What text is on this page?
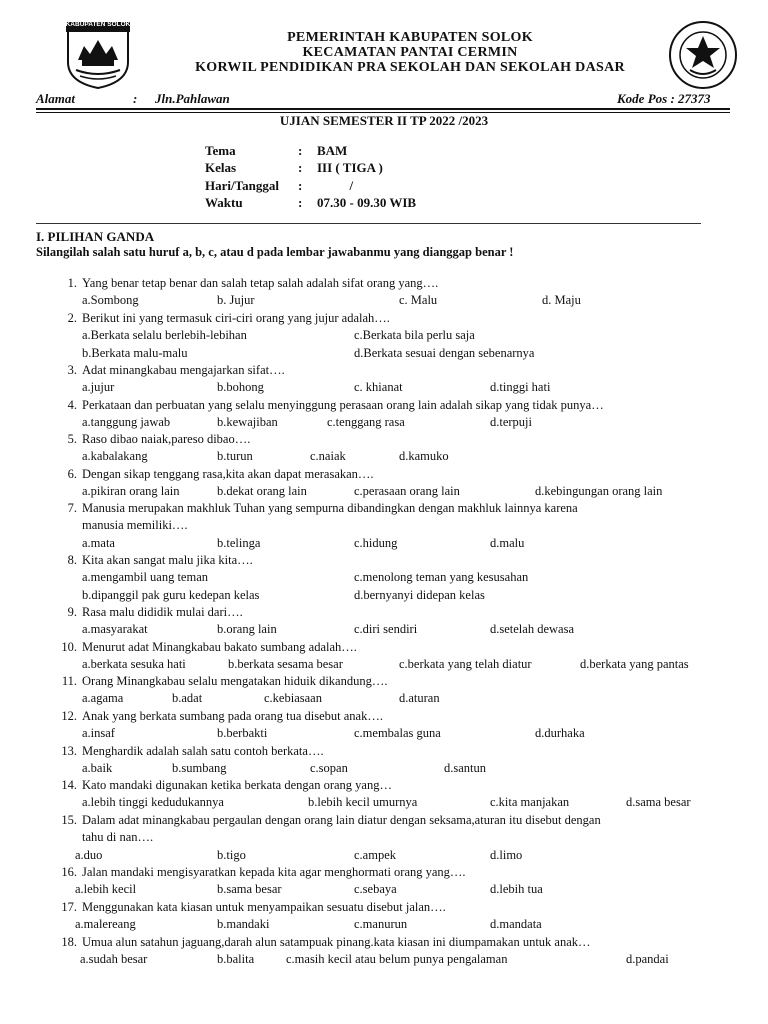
KABUPATEN SOLOK
PEMERINTAH KABUPATEN SOLOK
KECAMATAN PANTAI CERMIN
KORWIL PENDIDIKAN PRA SEKOLAH DAN SEKOLAH DASAR
Alamat	: Jln.Pahlawan	Kode Pos : 27373
UJIAN SEMESTER II TP 2022 /2023
Tema	: BAM
Kelas	: III ( TIGA )
Hari/Tanggal : /
Waktu	: 07.30 - 09.30 WIB
I. PILIHAN GANDA
Silangilah salah satu huruf a, b, c, atau d pada lembar jawabanmu yang dianggap benar !
1. Yang benar tetap benar dan salah tetap salah adalah sifat orang yang….
a.Sombong	b. Jujur	c. Malu	d. Maju
2. Berikut ini yang termasuk ciri-ciri orang yang jujur adalah….
a.Berkata selalu berlebih-lebihan	c.Berkata bila perlu saja
b.Berkata malu-malu	d.Berkata sesuai dengan sebenarnya
3. Adat minangkabau mengajarkan sifat….
a.jujur	b.bohong	c. khianat	d.tinggi hati
4. Perkataan dan perbuatan yang selalu menyinggung perasaan orang lain adalah sikap yang tidak punya…
a.tanggung jawab	b.kewajiban	c.tenggang rasa	d.terpuji
5. Raso dibao naiak,pareso dibao….
a.kabalakang	b.turun	c.naiak	d.kamuko
6. Dengan sikap tenggang rasa,kita akan dapat merasakan….
a.pikiran orang lain	b.dekat orang lain	c.perasaan orang lain	d.kebingungan orang lain
7. Manusia merupakan makhluk Tuhan yang sempurna dibandingkan dengan makhluk lainnya karena
manusia memiliki….
a.mata	b.telinga	c.hidung	d.malu
8. Kita akan sangat malu jika kita….
a.mengambil uang teman	c.menolong teman yang kesusahan
b.dipanggil pak guru kedepan kelas	d.bernyanyi didepan kelas
9. Rasa malu dididik mulai dari….
a.masyarakat	b.orang lain	c.diri sendiri	d.setelah dewasa
10. Menurut adat Minangkabau bakato sumbang adalah….
a.berkata sesuka hati	b.berkata sesama besar	c.berkata yang telah diatur	d.berkata yang pantas
11. Orang Minangkabau selalu mengatakan hiduik dikandung….
a.agama	b.adat	c.kebiasaan	d.aturan
12. Anak yang berkata sumbang pada orang tua disebut anak….
a.insaf	b.berbakti	c.membalas guna	d.durhaka
13. Menghardik adalah salah satu contoh berkata….
a.baik	b.sumbang	c.sopan	d.santun
14. Kato mandaki digunakan ketika berkata dengan orang yang…
a.lebih tinggi kedudukannya	b.lebih kecil umurnya	c.kita manjakan	d.sama besar
15. Dalam adat minangkabau pergaulan dengan orang lain diatur dengan seksama,aturan itu disebut dengan
tahu di nan….
a.duo	b.tigo	c.ampek	d.limo
16. Jalan mandaki mengisyaratkan kepada kita agar menghormati orang yang….
a.lebih kecil	b.sama besar	c.sebaya	d.lebih tua
17. Menggunakan kata kiasan untuk menyampaikan sesuatu disebut jalan….
a.malereang	b.mandaki	c.manurun	d.mandata
18. Umua alun satahun jaguang,darah alun satampuak pinang.kata kiasan ini diumpamakan untuk anak…
a.sudah besar	b.balita	c.masih kecil atau belum punya pengalaman	d.pandai
